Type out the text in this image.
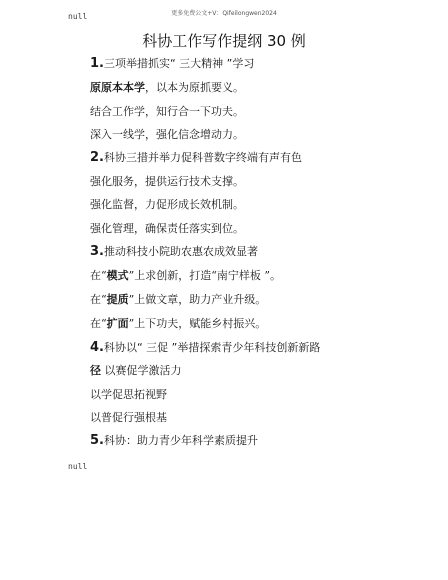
更多免费公文+V：Qifeilongwen2024
null
科协工作写作提纲 30 例
1.三项举措抓实“ 三大精神 ”学习
原原本本学，以本为原抓要义。
结合工作学，知行合一下功夫。
深入一线学，强化信念增动力。
2.科协三措并举力促科普数字终端有声有色
强化服务，提供运行技术支撑。
强化监督，力促形成长效机制。
强化管理，确保责任落实到位。
3.推动科技小院助农惠农成效显著
在“模式”上求创新，打造“南宁样板 ”。
在“提质”上做文章，助力产业升级。
在“扩面”上下功夫，赋能乡村振兴。
4.科协以“ 三促 ”举措探索青少年科技创新新路
径 以赛促学激活力
以学促思拓视野
以普促行强根基
5.科协：助力青少年科学素质提升
null
